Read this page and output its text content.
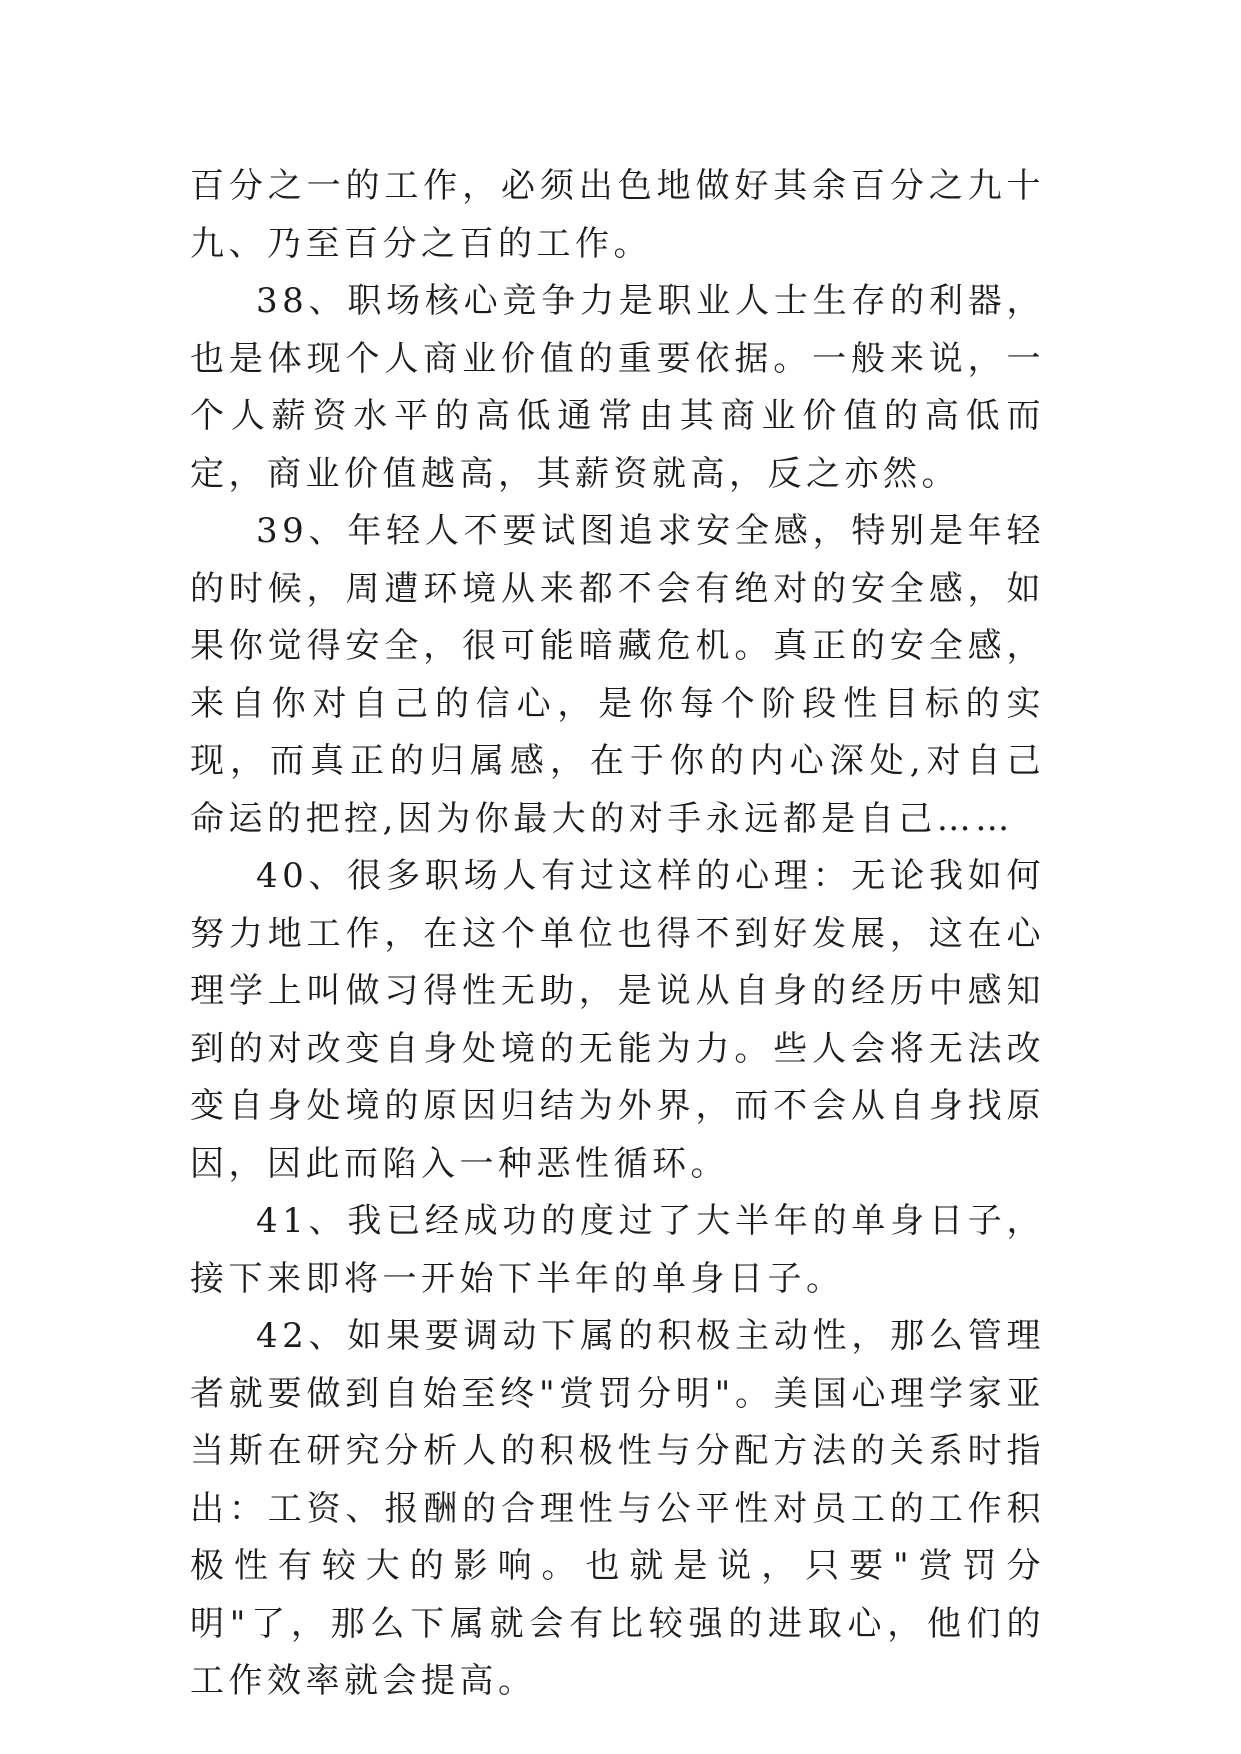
百分之一的工作，必须出色地做好其余百分之九十九、乃至百分之百的工作。

38、职场核心竞争力是职业人士生存的利器，也是体现个人商业价值的重要依据。一般来说，一个人薪资水平的高低通常由其商业价值的高低而定，商业价值越高，其薪资就高，反之亦然。

39、年轻人不要试图追求安全感，特别是年轻的时候，周遭环境从来都不会有绝对的安全感，如果你觉得安全，很可能暗藏危机。真正的安全感，来自你对自己的信心，是你每个阶段性目标的实现，而真正的归属感，在于你的内心深处,对自己命运的把控,因为你最大的对手永远都是自己……

40、很多职场人有过这样的心理：无论我如何努力地工作，在这个单位也得不到好发展，这在心理学上叫做习得性无助，是说从自身的经历中感知到的对改变自身处境的无能为力。些人会将无法改变自身处境的原因归结为外界，而不会从自身找原因，因此而陷入一种恶性循环。

41、我已经成功的度过了大半年的单身日子，接下来即将一开始下半年的单身日子。

42、如果要调动下属的积极主动性，那么管理者就要做到自始至终"赏罚分明"。美国心理学家亚当斯在研究分析人的积极性与分配方法的关系时指出：工资、报酬的合理性与公平性对员工的工作积极性有较大的影响。也就是说，只要"赏罚分明"了，那么下属就会有比较强的进取心，他们的工作效率就会提高。
